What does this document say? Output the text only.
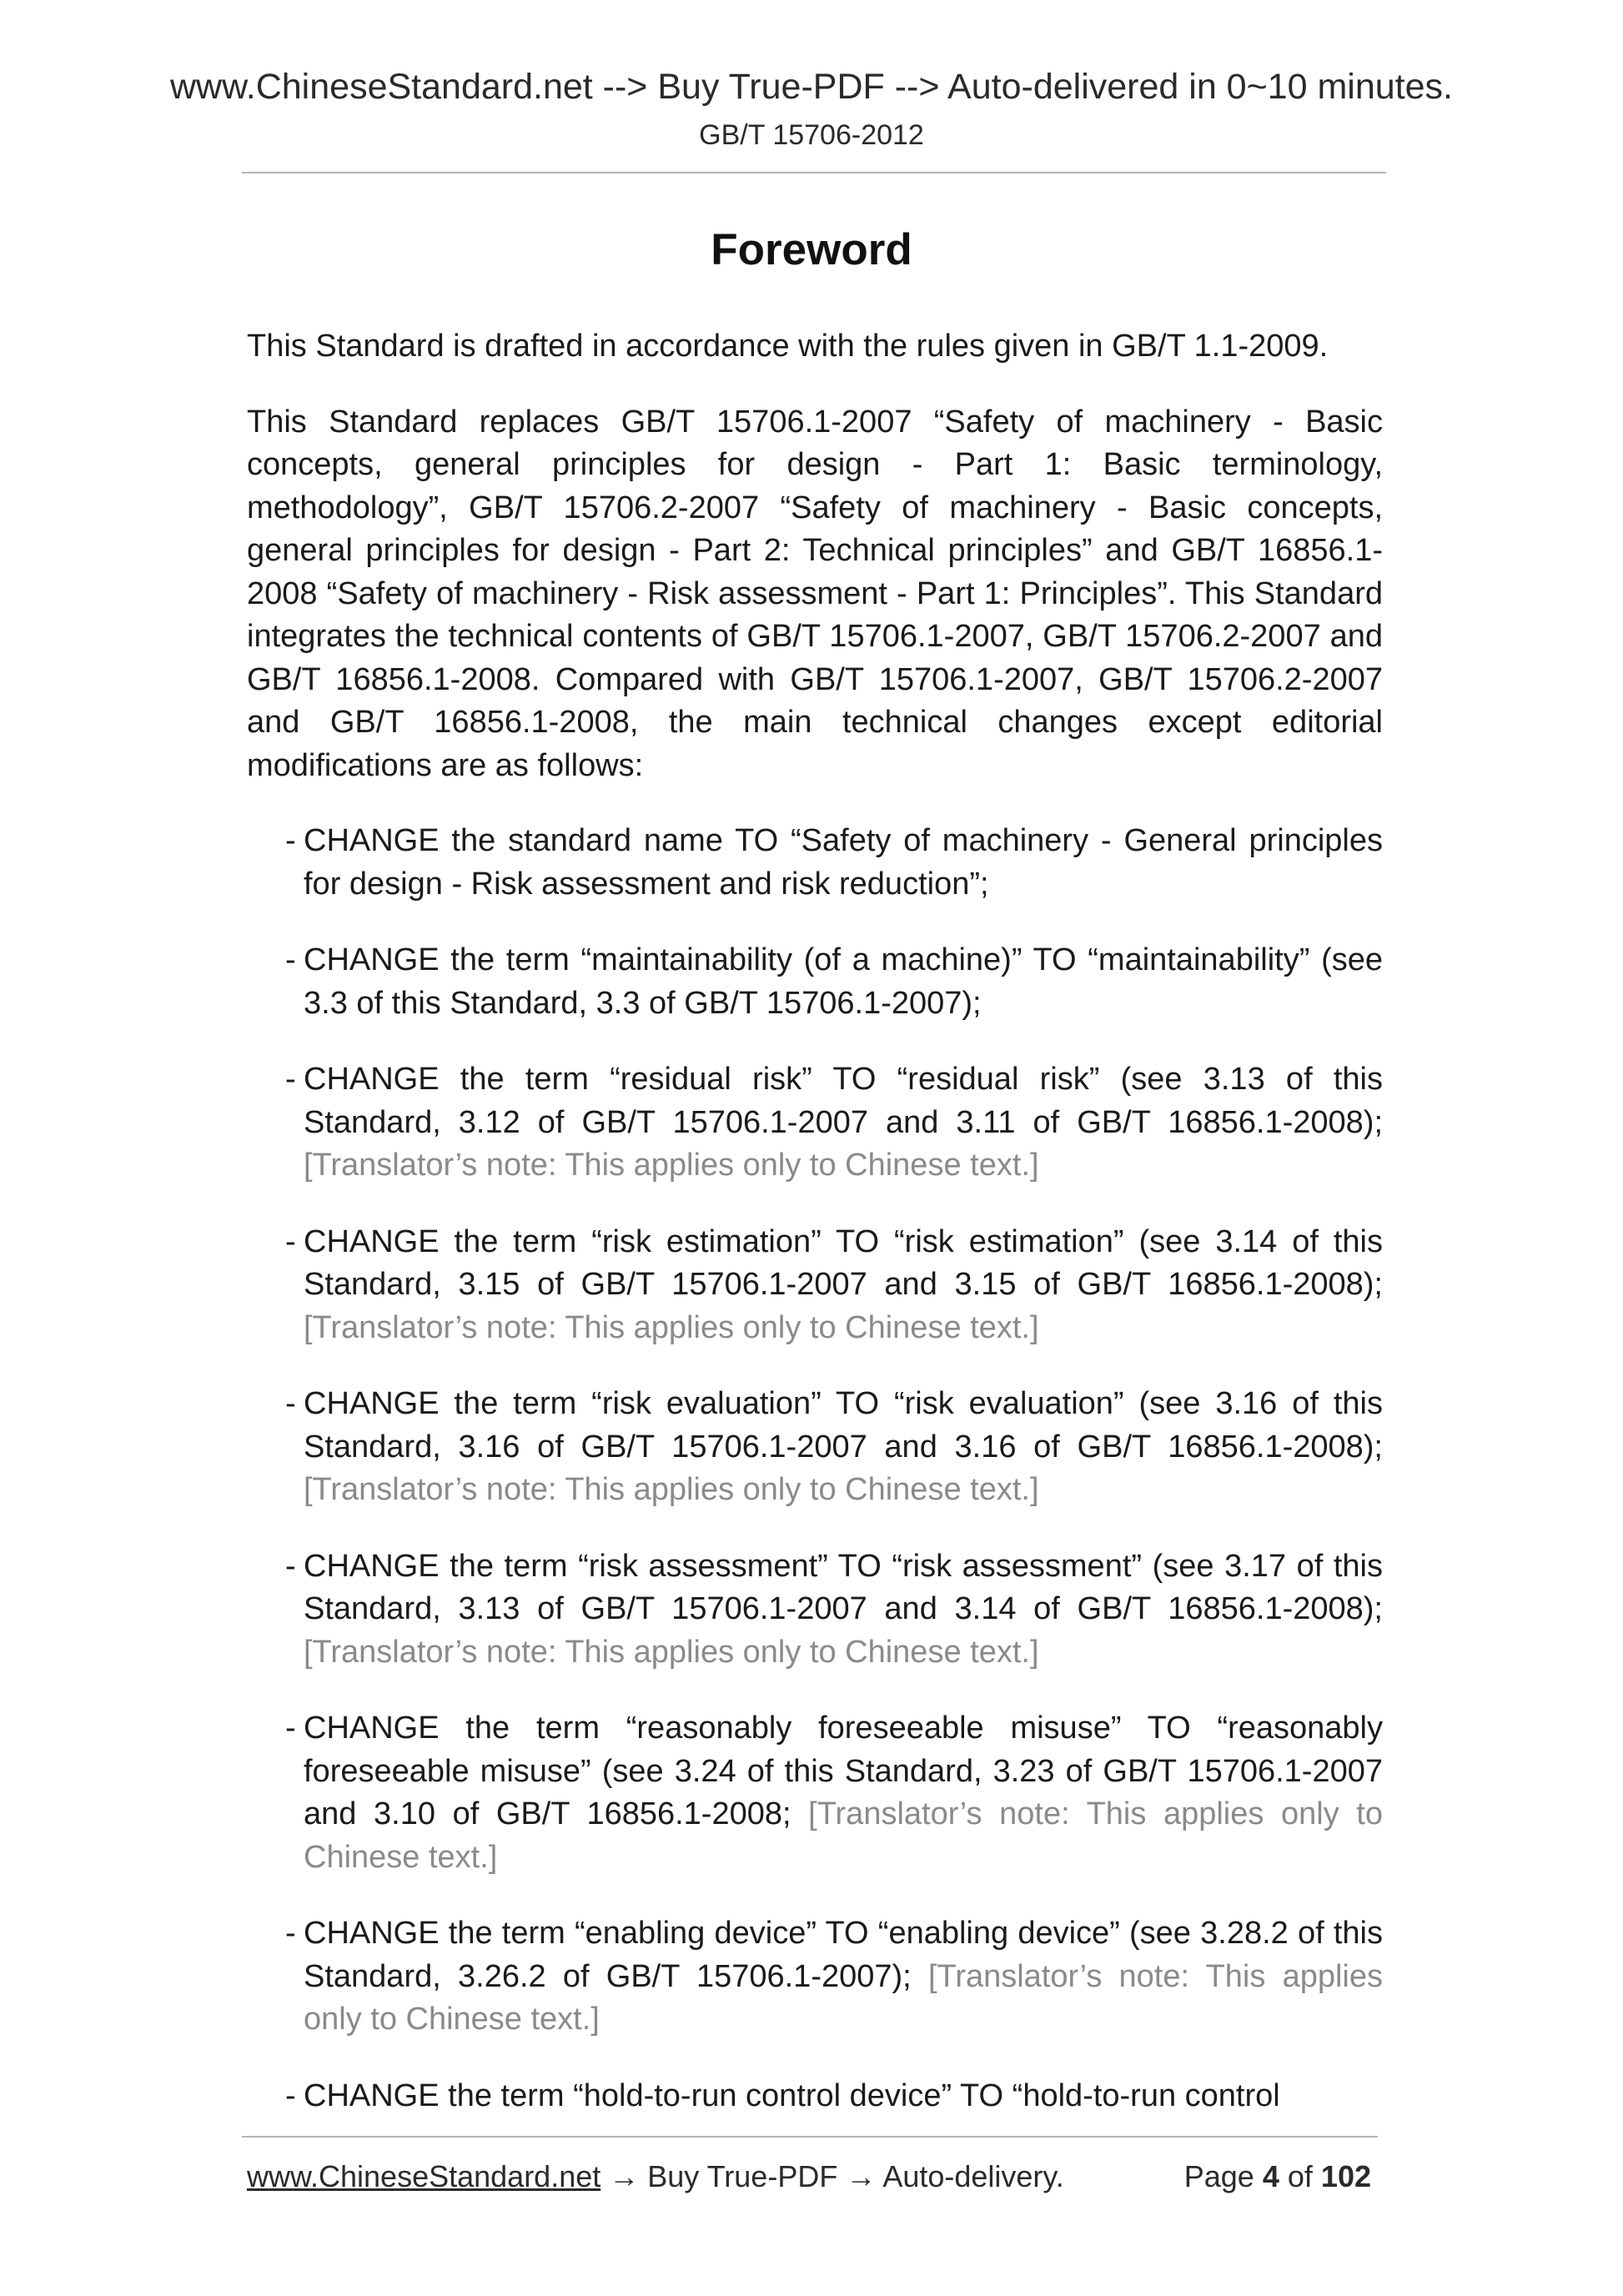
www.ChineseStandard.net --> Buy True-PDF --> Auto-delivered in 0~10 minutes.
GB/T 15706-2012
Foreword

This Standard is drafted in accordance with the rules given in GB/T 1.1-2009.

This Standard replaces GB/T 15706.1-2007 “Safety of machinery - Basic concepts, general principles for design - Part 1: Basic terminology, methodology”, GB/T 15706.2-2007 “Safety of machinery - Basic concepts, general principles for design - Part 2: Technical principles” and GB/T 16856.1-2008 “Safety of machinery - Risk assessment - Part 1: Principles”. This Standard integrates the technical contents of GB/T 15706.1-2007, GB/T 15706.2-2007 and GB/T 16856.1-2008. Compared with GB/T 15706.1-2007, GB/T 15706.2-2007 and GB/T 16856.1-2008, the main technical changes except editorial modifications are as follows:

- CHANGE the standard name TO “Safety of machinery - General principles for design - Risk assessment and risk reduction”;
- CHANGE the term “maintainability (of a machine)” TO “maintainability” (see 3.3 of this Standard, 3.3 of GB/T 15706.1-2007);
- CHANGE the term “residual risk” TO “residual risk” (see 3.13 of this Standard, 3.12 of GB/T 15706.1-2007 and 3.11 of GB/T 16856.1-2008); [Translator’s note: This applies only to Chinese text.]
- CHANGE the term “risk estimation” TO “risk estimation” (see 3.14 of this Standard, 3.15 of GB/T 15706.1-2007 and 3.15 of GB/T 16856.1-2008); [Translator’s note: This applies only to Chinese text.]
- CHANGE the term “risk evaluation” TO “risk evaluation” (see 3.16 of this Standard, 3.16 of GB/T 15706.1-2007 and 3.16 of GB/T 16856.1-2008); [Translator’s note: This applies only to Chinese text.]
- CHANGE the term “risk assessment” TO “risk assessment” (see 3.17 of this Standard, 3.13 of GB/T 15706.1-2007 and 3.14 of GB/T 16856.1-2008); [Translator’s note: This applies only to Chinese text.]
- CHANGE the term “reasonably foreseeable misuse” TO “reasonably foreseeable misuse” (see 3.24 of this Standard, 3.23 of GB/T 15706.1-2007 and 3.10 of GB/T 16856.1-2008; [Translator’s note: This applies only to Chinese text.]
- CHANGE the term “enabling device” TO “enabling device” (see 3.28.2 of this Standard, 3.26.2 of GB/T 15706.1-2007); [Translator’s note: This applies only to Chinese text.]
- CHANGE the term “hold-to-run control device” TO “hold-to-run control
www.ChineseStandard.net → Buy True-PDF → Auto-delivery.	Page 4 of 102
